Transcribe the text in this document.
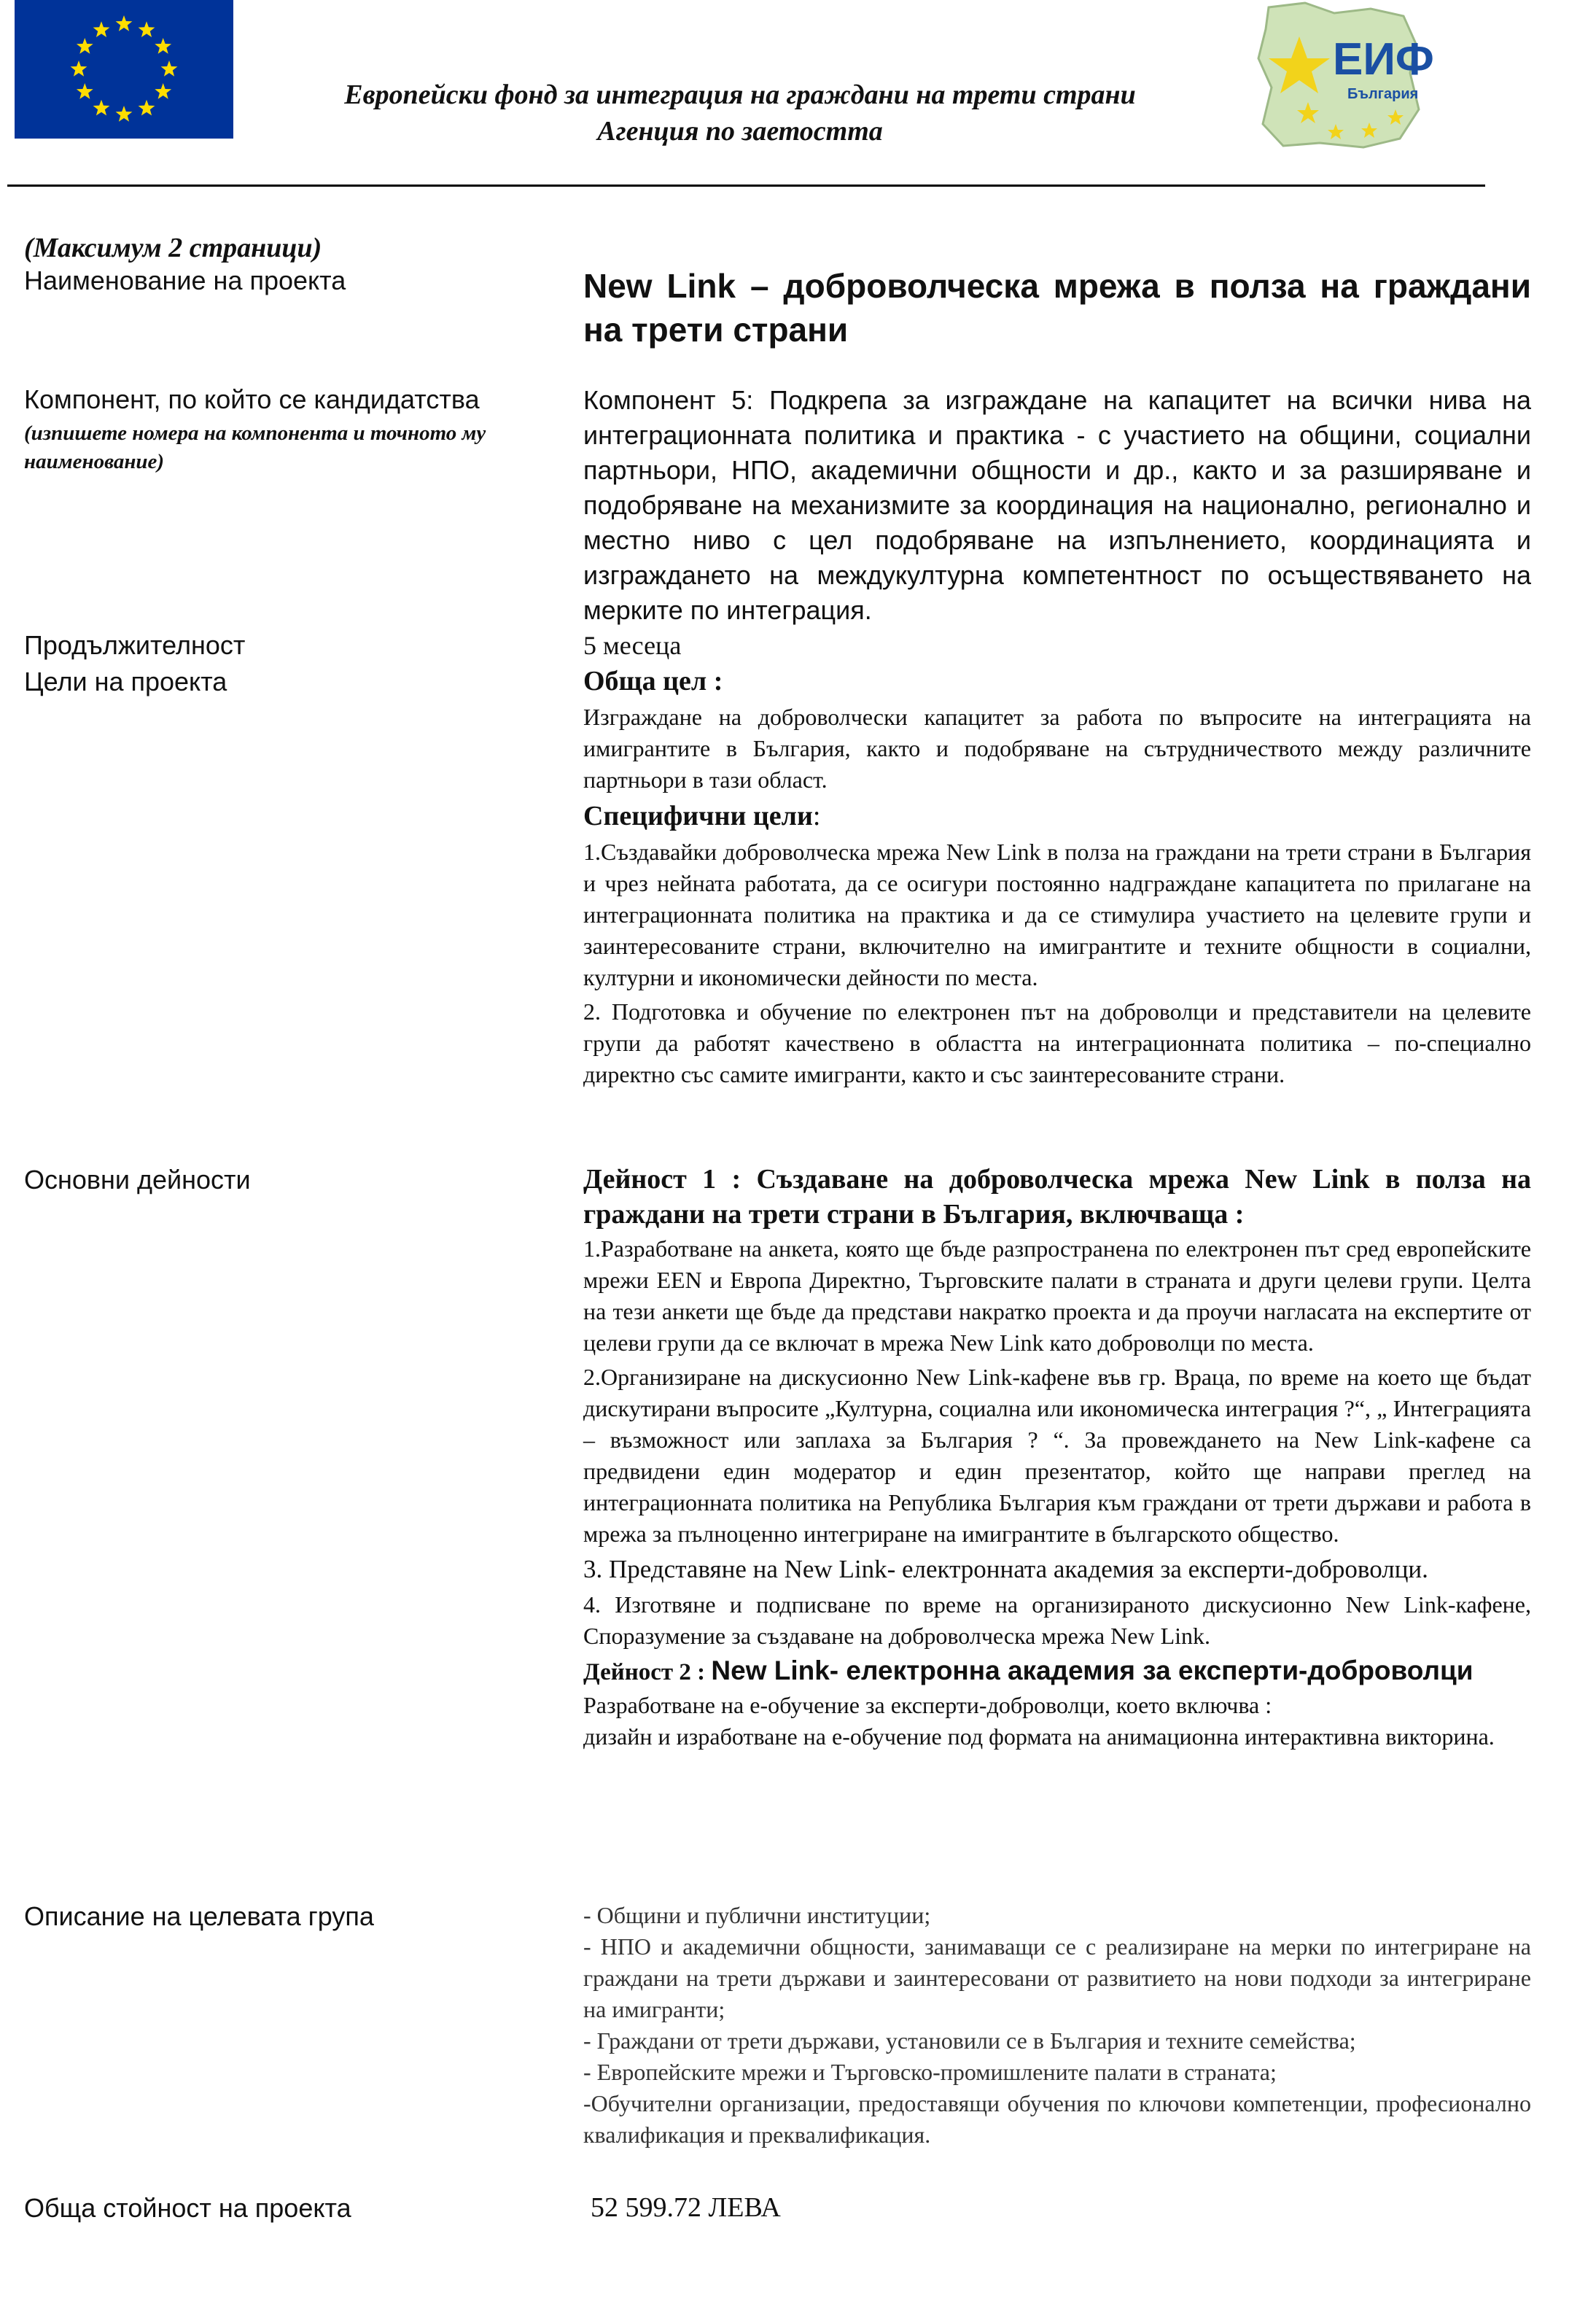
Европейски фонд за интеграция на граждани на трети страни
Агенция по заетостта
ЕИФ
България
(Максимум 2 страници)
Наименование на проекта	New Link – доброволческа мрежа в полза на граждани на трети страни
Компонент, по който се кандидатства
(изпишете номера на компонента и точното му наименование)
Компонент 5: Подкрепа за изграждане на капацитет на всички нива на интеграционната политика и практика - с участието на общини, социални партньори, НПО, академични общности и др., както и за разширяване и подобряване на механизмите за координация на национално, регионално и местно ниво с цел подобряване на изпълнението, координацията и изграждането на междукултурна компетентност по осъществяването на мерките по интеграция.
Продължителност	5 месеца
Цели на проекта	Обща цел :

Изграждане на доброволчески капацитет за работа по въпросите на интеграцията на имигрантите в България, както и подобряване на сътрудничеството между различните партньори в тази област.

Специфични цели:

1.Създавайки доброволческа мрежа New Link в полза на граждани на трети страни в България и чрез нейната работата, да се осигури постоянно надграждане капацитета по прилагане на интеграционната политика на практика и да се стимулира участието на целевите групи и заинтересованите страни, включително на имигрантите и техните общности в социални, културни и икономически дейности по места.

2. Подготовка и обучение по електронен път на доброволци и представители на целевите групи да работят качествено в областта на интеграционната политика – по-специално директно със самите имигранти, както и със заинтересованите страни.

Основни дейности	Дейност 1 : Създаване на доброволческа мрежа New Link в полза на граждани на трети страни в България, включваща :

1.Разработване на анкета, която ще бъде разпространена по електронен път сред европейските мрежи EEN и Европа Директно, Търговските палати в страната и други целеви групи. Целта на тези анкети ще бъде да представи накратко проекта и да проучи нагласата на експертите от целеви групи да се включат в мрежа New Link като доброволци по места.

2.Организиране на дискусионно New Link-кафене във гр. Враца, по време на което ще бъдат дискутирани въпросите „Културна, социална или икономическа интеграция ?“, „ Интеграцията – възможност или заплаха за България ? “. За провеждането на New Link-кафене са предвидени един модератор и един презентатор, който ще направи преглед на интеграционната политика на Република България към граждани от трети държави и работа в мрежа за пълноценно интегриране на имигрантите в българското общество.

3. Представяне на New Link- електронната академия за експерти-доброволци.

4. Изготвяне и подписване по време на организираното дискусионно New Link-кафене, Споразумение за създаване на доброволческа мрежа New Link.

Дейност 2 : New Link- електронна академия за експерти-доброволци

Разработване на е-обучение за експерти-доброволци, което включва :

дизайн и изработване на е-обучение под формата на анимационна интерактивна викторина.

Описание на целевата група	- Общини и публични институции;

- НПО и академични общности, занимаващи се с реализиране на мерки по интегриране на граждани на трети държави и заинтересовани от развитието на нови подходи за интегриране на имигранти;

- Граждани от трети държави, установили се в България и техните семейства;

- Европейските мрежи и Търговско-промишлените палати в страната;

-Обучителни организации, предоставящи обучения по ключови компетенции, професионално квалификация и преквалификация.

Обща стойност на проекта	52 599.72 ЛЕВА
